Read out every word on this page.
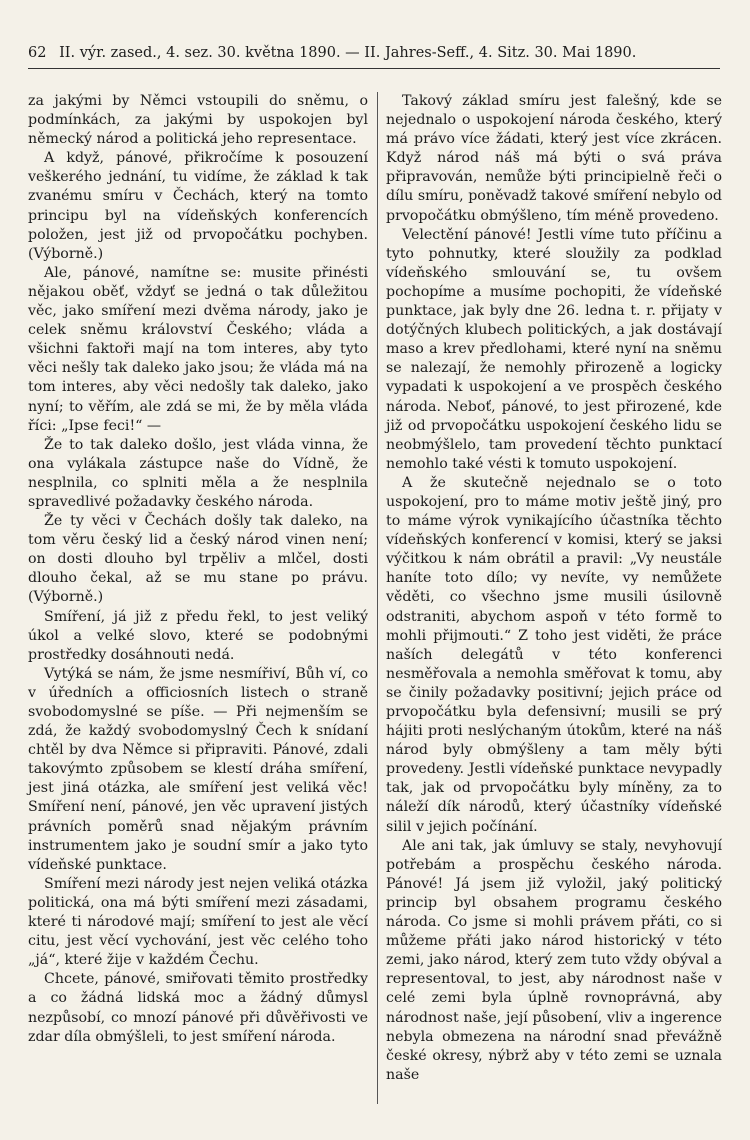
62 II. výr. zased., 4. sez. 30. května 1890. — II. Jahres-Seff., 4. Sitz. 30. Mai 1890.

za jakými by Němci vstoupili do sněmu, o podmínkách, za jakými by uspokojen byl německý národ a politická jeho representace.

A když, pánové, přikročíme k posouzení veškerého jednání, tu vidíme, že základ k tak zvanému smíru v Čechách, který na tomto principu byl na vídeňských konferencích položen, jest již od prvopočátku pochyben. (Výborně.)

Ale, pánové, namítne se: musite přinésti nějakou oběť, vždyť se jedná o tak důležitou věc, jako smíření mezi dvěma národy, jako je celek sněmu království Českého; vláda a všichni faktoři mají na tom interes, aby tyto věci nešly tak daleko jako jsou; že vláda má na tom interes, aby věci nedošly tak daleko, jako nyní; to věřím, ale zdá se mi, že by měla vláda říci: „Ipse feci!“ —

Že to tak daleko došlo, jest vláda vinna, že ona vylákala zástupce naše do Vídně, že nesplnila, co splniti měla a že nesplnila spravedlivé požadavky českého národa.

Že ty věci v Čechách došly tak daleko, na tom věru český lid a český národ vinen není; on dosti dlouho byl trpěliv a mlčel, dosti dlouho čekal, až se mu stane po právu. (Výborně.)

Smíření, já již z předu řekl, to jest veliký úkol a velké slovo, které se podobnými prostředky dosáhnouti nedá.

Vytýká se nám, že jsme nesmířiví, Bůh ví, co v úředních a officiosních listech o straně svobodomyslné se píše. — Při nejmenším se zdá, že každý svobodomyslný Čech k snídaní chtěl by dva Němce si připraviti. Pánové, zdali takovýmto způsobem se klestí dráha smíření, jest jiná otázka, ale smíření jest veliká věc! Smíření není, pánové, jen věc upravení jistých právních poměrů snad nějakým právním instrumentem jako je soudní smír a jako tyto vídeňské punktace.

Smíření mezi národy jest nejen veliká otázka politická, ona má býti smíření mezi zásadami, které ti národové mají; smíření to jest ale věcí citu, jest věcí vychování, jest věc celého toho „já“, které žije v každém Čechu.

Chcete, pánové, smiřovati těmito prostředky a co žádná lidská moc a žádný důmysl nezpůsobí, co mnozí pánové při důvěřivosti ve zdar díla obmýšleli, to jest smíření národa.

Takový základ smíru jest falešný, kde se nejednalo o uspokojení národa českého, který má právo více žádati, který jest více zkrácen. Když národ náš má býti o svá práva připravován, nemůže býti principielně řeči o dílu smíru, poněvadž takové smíření nebylo od prvopočátku obmýšleno, tím méně provedeno.

Velectění pánové! Jestli víme tuto příčinu a tyto pohnutky, které sloužily za podklad vídeňského smlouvání se, tu ovšem pochopíme a musíme pochopiti, že vídeňské punktace, jak byly dne 26. ledna t. r. přijaty v dotýčných klubech politických, a jak dostávají maso a krev předlohami, které nyní na sněmu se nalezají, že nemohly přirozeně a logicky vypadati k uspokojení a ve prospěch českého národa. Neboť, pánové, to jest přirozené, kde již od prvopočátku uspokojení českého lidu se neobmýšlelo, tam provedení těchto punktací nemohlo také vésti k tomuto uspokojení.

A že skutečně nejednalo se o toto uspokojení, pro to máme motiv ještě jiný, pro to máme výrok vynikajícího účastníka těchto vídeňských konferencí v komisi, který se jaksi výčitkou k nám obrátil a pravil: „Vy neustále haníte toto dílo; vy nevíte, vy nemůžete věděti, co všechno jsme musili úsilovně odstraniti, abychom aspoň v této formě to mohli přijmouti.“ Z toho jest viděti, že práce naších delegátů v této konferenci nesměřovala a nemohla směřovat k tomu, aby se činily požadavky positivní; jejich práce od prvopočátku byla defensivní; musili se prý hájiti proti neslýchaným útokům, které na náš národ byly obmýšleny a tam měly býti provedeny. Jestli vídeňské punktace nevypadly tak, jak od prvopočátku byly míněny, za to náleží dík národů, který účastníky vídeňské silil v jejich počínání.

Ale ani tak, jak úmluvy se staly, nevyhovují potřebám a prospěchu českého národa. Pánové! Já jsem již vyložil, jaký politický princip byl obsahem programu českého národa. Co jsme si mohli právem přáti, co si můžeme přáti jako národ historický v této zemi, jako národ, který zem tuto vždy obýval a representoval, to jest, aby národnost naše v celé zemi byla úplně rovnoprávná, aby národnost naše, její působení, vliv a ingerence nebyla obmezena na národní snad převážně české okresy, nýbrž aby v této zemi se uznala naše
